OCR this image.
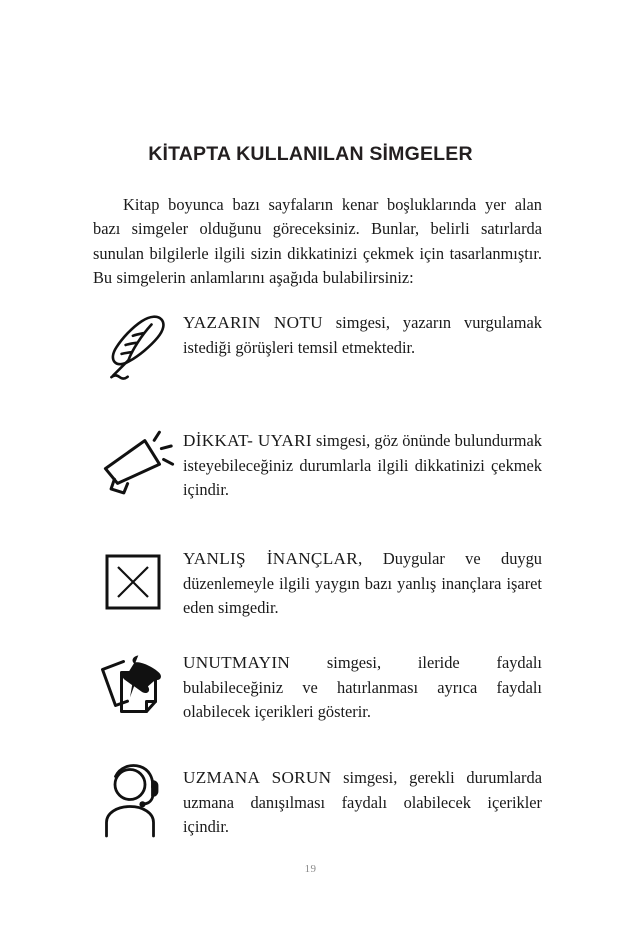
KİTAPTA KULLANILAN SİMGELER
Kitap boyunca bazı sayfaların kenar boşluklarında yer alan bazı simgeler olduğunu göreceksiniz. Bunlar, belirli satırlarda sunulan bilgilerle ilgili sizin dikkatinizi çekmek için tasarlanmıştır. Bu simgelerin anlamlarını aşağıda bulabilirsiniz:
YAZARIN NOTU simgesi, yazarın vurgulamak istediği görüşleri temsil etmektedir.
DİKKAT- UYARI simgesi, göz önünde bulundurmak isteyebileceğiniz durumlarla ilgili dikkatinizi çekmek içindir.
YANLIŞ İNANÇLAR, Duygular ve duygu düzenlemeyle ilgili yaygın bazı yanlış inançlara işaret eden simgedir.
UNUTMAYIN simgesi, ileride faydalı bulabileceğiniz ve hatırlanması ayrıca faydalı olabilecek içerikleri gösterir.
UZMANA SORUN simgesi, gerekli durumlarda uzmana danışılması faydalı olabilecek içerikler içindir.
19
